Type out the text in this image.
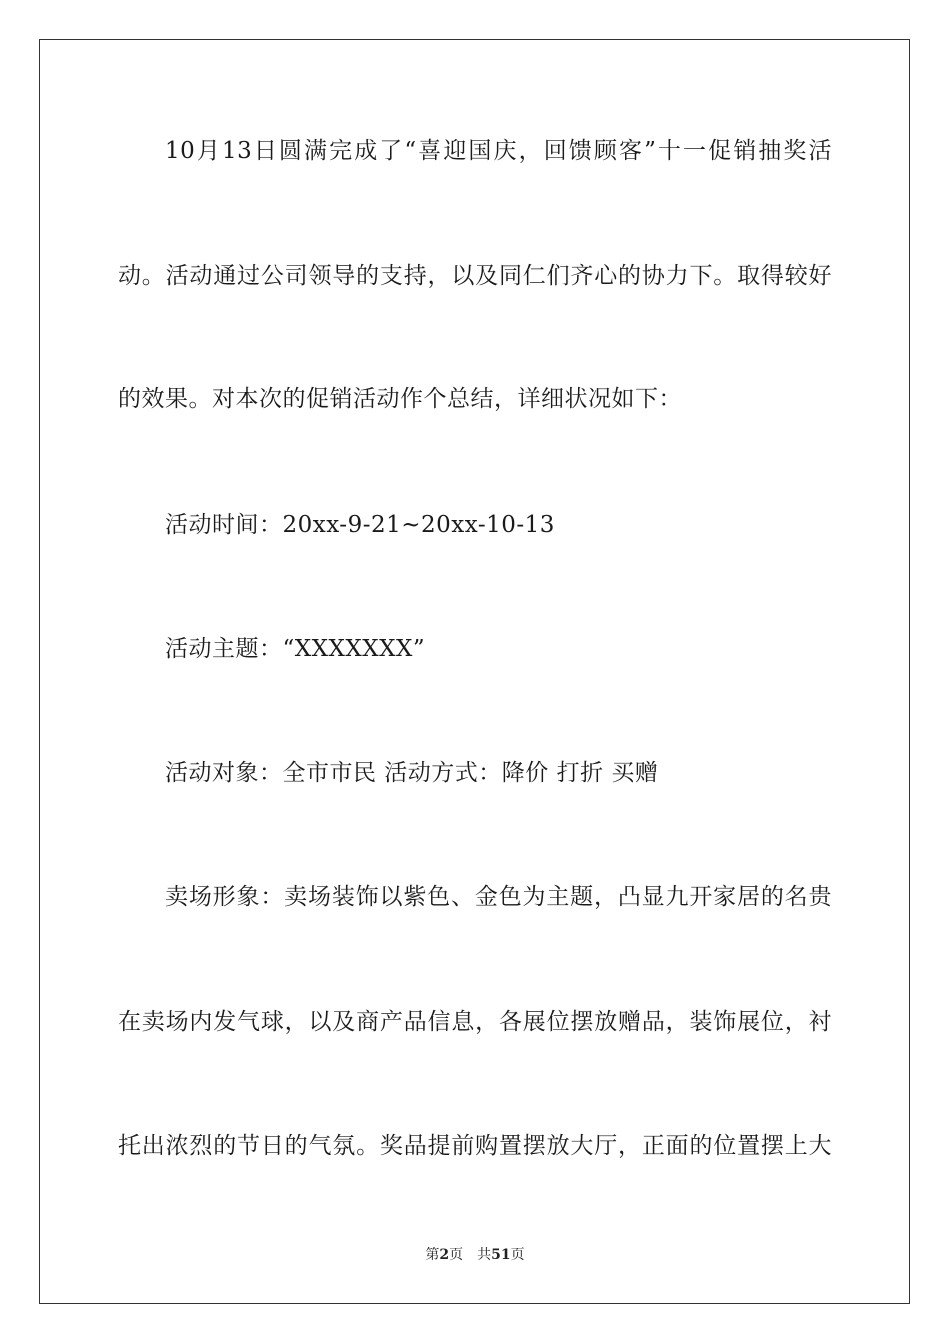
10月13日圆满完成了“喜迎国庆，回馈顾客”十一促销抽奖活
动。活动通过公司领导的支持，以及同仁们齐心的协力下。取得较好
的效果。对本次的促销活动作个总结，详细状况如下：
活动时间：20xx-9-21~20xx-10-13
活动主题：“XXXXXXX”
活动对象：全市市民 活动方式：降价 打折 买赠
卖场形象：卖场装饰以紫色、金色为主题，凸显九开家居的名贵
在卖场内发气球，以及商产品信息，各展位摆放赠品，装饰展位，衬
托出浓烈的节日的气氛。奖品提前购置摆放大厅，正面的位置摆上大
第2页 共51页
